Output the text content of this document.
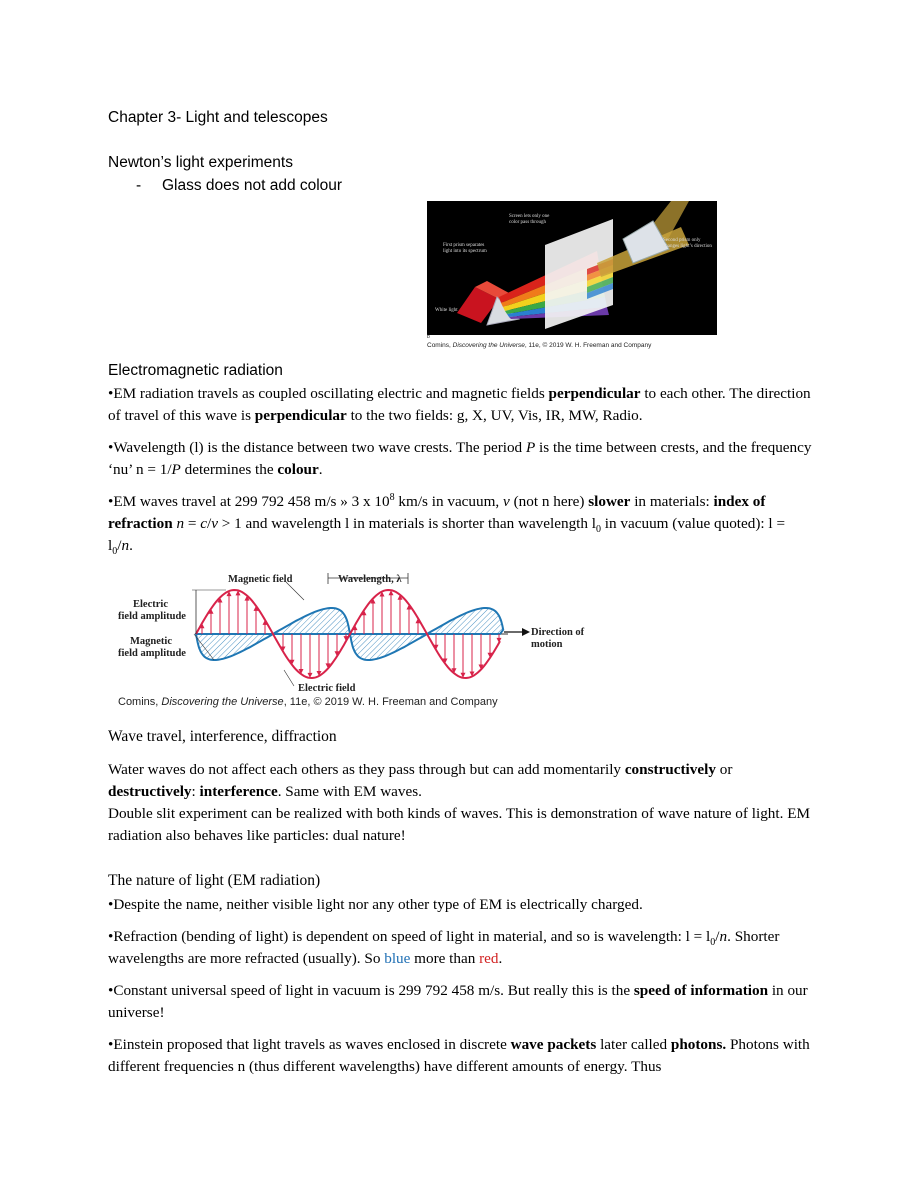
Chapter 3- Light and telescopes
Newton’s light experiments
- Glass does not add colour
Screen lets only one
color pass through
First prism separates
light into its spectrum
Second prism only
changes light’s direction
White light
b
Comins, Discovering the Universe, 11e, © 2019 W. H. Freeman and Company
Electromagnetic radiation

•EM radiation travels as coupled oscillating electric and magnetic fields perpendicular to each other. The direction of travel of this wave is perpendicular to the two fields: g, X, UV, Vis, IR, MW, Radio.

•Wavelength (l) is the distance between two wave crests. The period P is the time between crests, and the frequency ‘nu’ n = 1/P determines the colour.

•EM waves travel at 299 792 458 m/s » 3 x $10^8$ km/s in vacuum, v (not n here) slower in materials: index of refraction n = c/v > 1 and wavelength l in materials is shorter than wavelength $l_0$ in vacuum (value quoted): $l = l_0/n$.

Magnetic field	Wavelength, λ
Electric
field amplitude
Magnetic
field amplitude
Direction of
motion
Electric field
Comins, Discovering the Universe, 11e, © 2019 W. H. Freeman and Company
Wave travel, interference, diffraction

Water waves do not affect each others as they pass through but can add momentarily constructively or destructively: interference. Same with EM waves.

Double slit experiment can be realized with both kinds of waves. This is demonstration of wave nature of light. EM radiation also behaves like particles: dual nature!

The nature of light (EM radiation)

•Despite the name, neither visible light nor any other type of EM is electrically charged.

•Refraction (bending of light) is dependent on speed of light in material, and so is wavelength: $l = l_0/n$. Shorter wavelengths are more refracted (usually). So blue more than red.

•Constant universal speed of light in vacuum is 299 792 458 m/s. But really this is the speed of information in our universe!

•Einstein proposed that light travels as waves enclosed in discrete wave packets later called photons. Photons with different frequencies n (thus different wavelengths) have different amounts of energy. Thus
